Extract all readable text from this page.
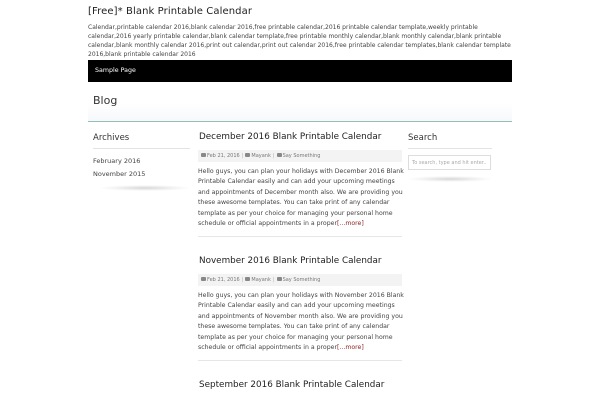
[Free]* Blank Printable Calendar
Calendar,printable calendar 2016,blank calendar 2016,free printable calendar,2016 printable calendar template,weekly printable calendar,2016 yearly printable calendar,blank calendar template,free printable monthly calendar,blank monthly calendar,blank printable calendar,blank monthly calendar 2016,print out calendar,print out calendar 2016,free printable calendar templates,blank calendar template 2016,blank printable calendar 2016
Sample Page
Blog
Archives
February 2016
November 2015
Search
To search, type and hit enter...
December 2016 Blank Printable Calendar
Feb 21, 2016 | Mayank | Say Something
Hello guys, you can plan your holidays with December 2016 Blank Printable Calendar easily and can add your upcoming meetings and appointments of December month also. We are providing you these awesome templates. You can take print of any calendar template as per your choice for managing your personal home schedule or official appointments in a proper[...more]
November 2016 Blank Printable Calendar
Feb 21, 2016 | Mayank | Say Something
Hello guys, you can plan your holidays with November 2016 Blank Printable Calendar easily and can add your upcoming meetings and appointments of November month also. We are providing you these awesome templates. You can take print of any calendar template as per your choice for managing your personal home schedule or official appointments in a proper[...more]
September 2016 Blank Printable Calendar
